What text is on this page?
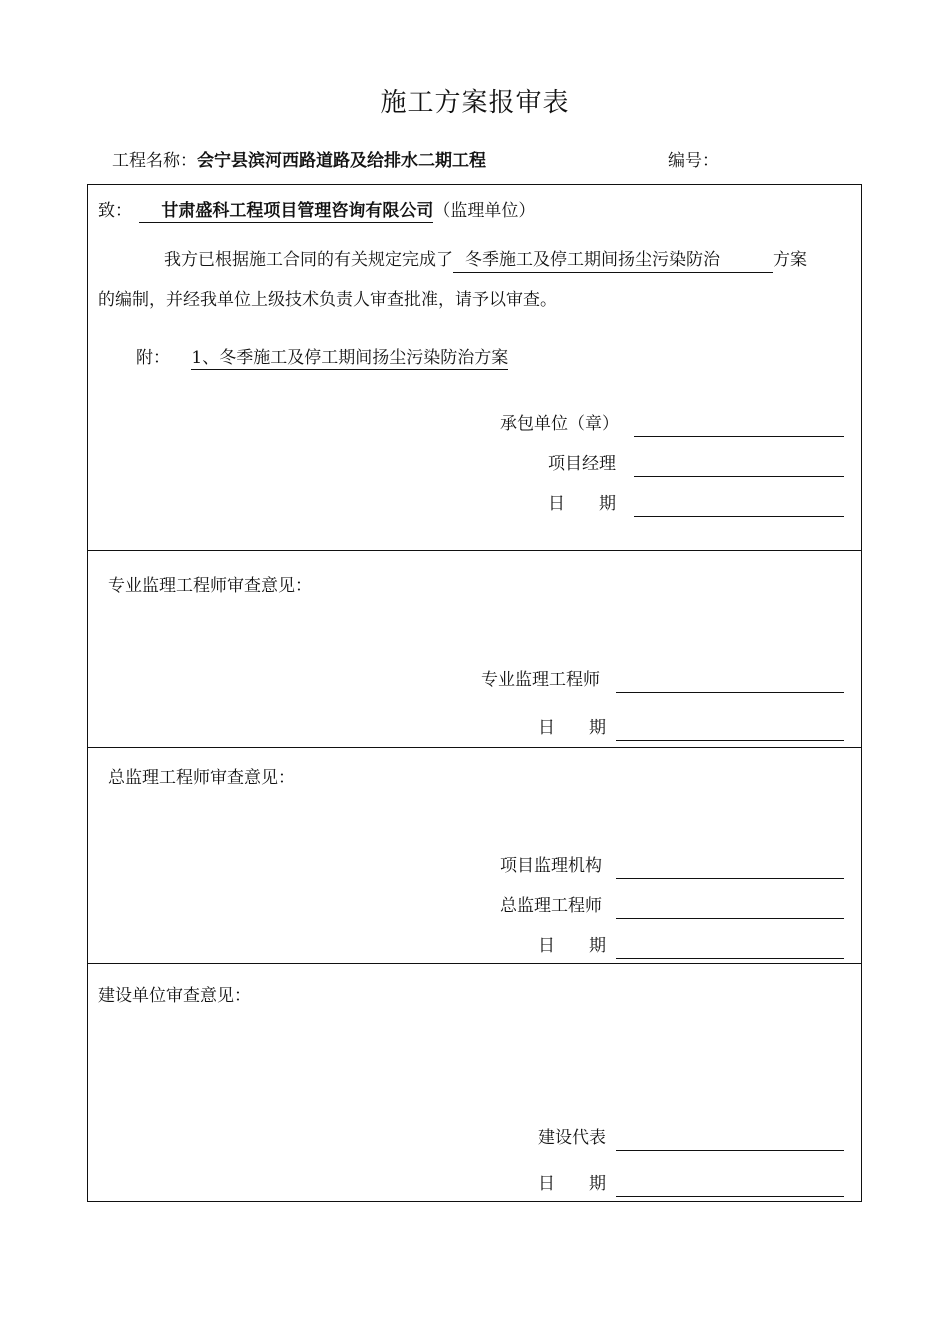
施工方案报审表
工程名称：会宁县滨河西路道路及给排水二期工程	编号：
致： 甘肃盛科工程项目管理咨询有限公司（监理单位）
我方已根据施工合同的有关规定完成了 冬季施工及停工期间扬尘污染防治	方案
的编制，并经我单位上级技术负责人审查批准，请予以审查。
附： 1、冬季施工及停工期间扬尘污染防治方案
承包单位（章）
项目经理
日　　期
专业监理工程师审查意见：
专业监理工程师
日　　期
总监理工程师审查意见：
项目监理机构
总监理工程师
日　　期
建设单位审查意见：
建设代表
日　　期
